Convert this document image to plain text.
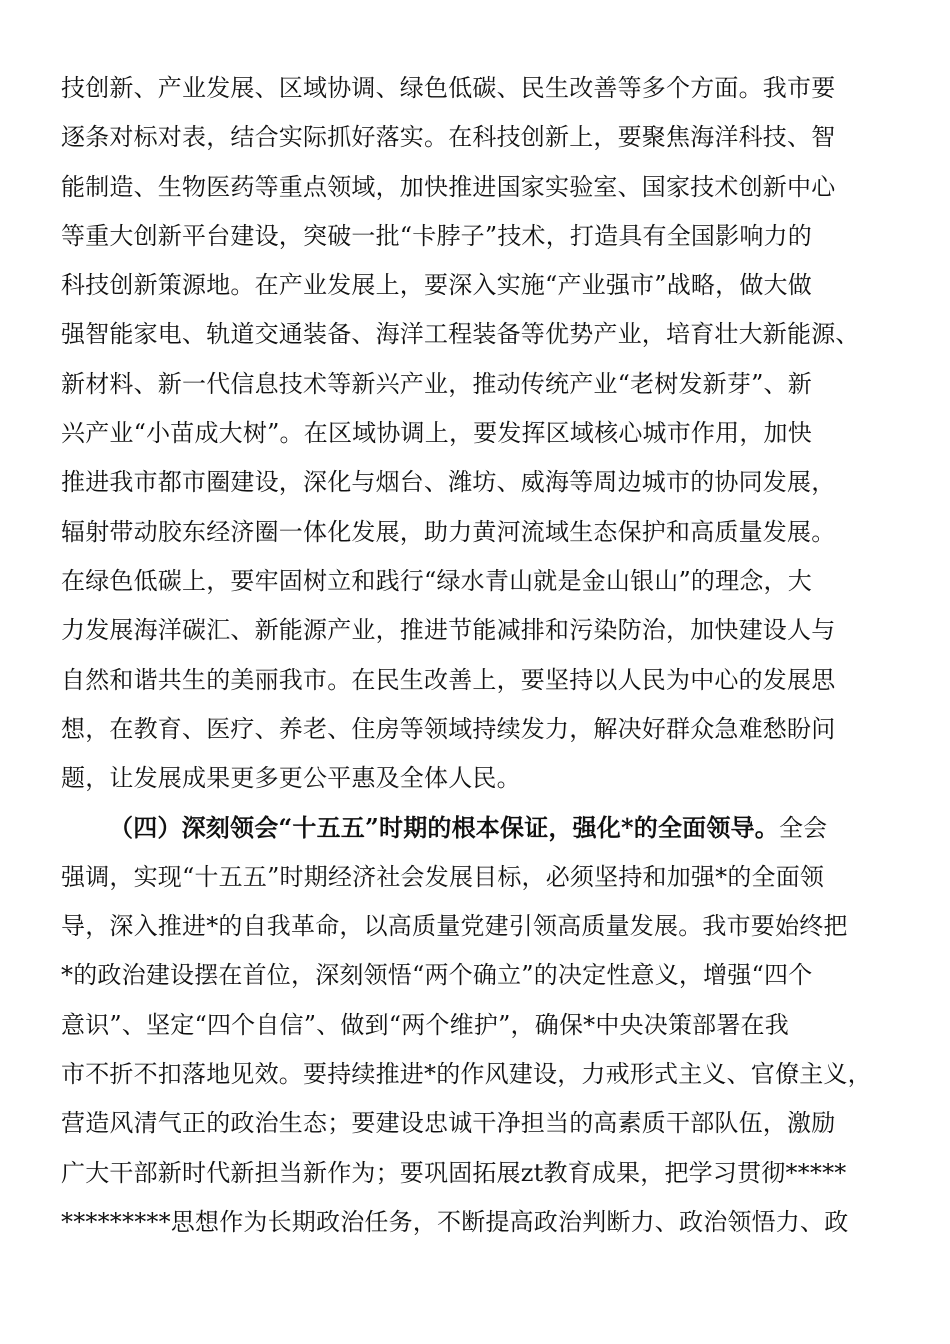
技创新、产业发展、区域协调、绿色低碳、民生改善等多个方面。我市要
逐条对标对表，结合实际抓好落实。在科技创新上，要聚焦海洋科技、智
能制造、生物医药等重点领域，加快推进国家实验室、国家技术创新中心
等重大创新平台建设，突破一批“卡脖子”技术，打造具有全国影响力的
科技创新策源地。在产业发展上，要深入实施“产业强市”战略，做大做
强智能家电、轨道交通装备、海洋工程装备等优势产业，培育壮大新能源、
新材料、新一代信息技术等新兴产业，推动传统产业“老树发新芽”、新
兴产业“小苗成大树”。在区域协调上，要发挥区域核心城市作用，加快
推进我市都市圈建设，深化与烟台、潍坊、威海等周边城市的协同发展，
辐射带动胶东经济圈一体化发展，助力黄河流域生态保护和高质量发展。
在绿色低碳上，要牢固树立和践行“绿水青山就是金山银山”的理念，大
力发展海洋碳汇、新能源产业，推进节能减排和污染防治，加快建设人与
自然和谐共生的美丽我市。在民生改善上，要坚持以人民为中心的发展思
想，在教育、医疗、养老、住房等领域持续发力，解决好群众急难愁盼问
题，让发展成果更多更公平惠及全体人民。
（四）深刻领会“十五五”时期的根本保证，强化*的全面领导。全会
强调，实现“十五五”时期经济社会发展目标，必须坚持和加强*的全面领
导，深入推进*的自我革命，以高质量党建引领高质量发展。我市要始终把
*的政治建设摆在首位，深刻领悟“两个确立”的决定性意义，增强“四个
意识”、坚定“四个自信”、做到“两个维护”，确保*中央决策部署在我
市不折不扣落地见效。要持续推进*的作风建设，力戒形式主义、官僚主义，
营造风清气正的政治生态；要建设忠诚干净担当的高素质干部队伍，激励
广大干部新时代新担当新作为；要巩固拓展zt教育成果，把学习贯彻*****
*********思想作为长期政治任务，不断提高政治判断力、政治领悟力、政
